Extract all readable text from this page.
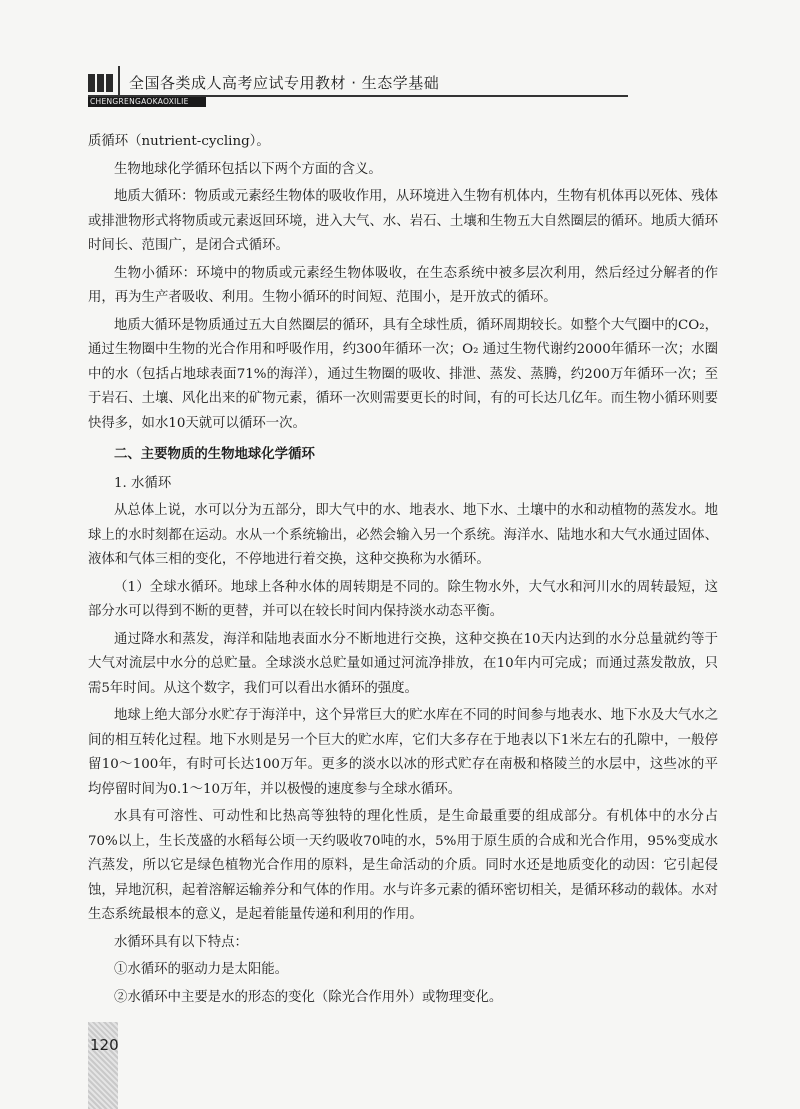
全国各类成人高考应试专用教材 · 生态学基础
CHENGRENGAOKAOXILIE

质循环（nutrient-cycling）。

生物地球化学循环包括以下两个方面的含义。

地质大循环：物质或元素经生物体的吸收作用，从环境进入生物有机体内，生物有机体再以死体、残体或排泄物形式将物质或元素返回环境，进入大气、水、岩石、土壤和生物五大自然圈层的循环。地质大循环时间长、范围广，是闭合式循环。

生物小循环：环境中的物质或元素经生物体吸收，在生态系统中被多层次利用，然后经过分解者的作用，再为生产者吸收、利用。生物小循环的时间短、范围小，是开放式的循环。

地质大循环是物质通过五大自然圈层的循环，具有全球性质，循环周期较长。如整个大气圈中的CO₂，通过生物圈中生物的光合作用和呼吸作用，约300年循环一次；O₂ 通过生物代谢约2000年循环一次；水圈中的水（包括占地球表面71%的海洋），通过生物圈的吸收、排泄、蒸发、蒸腾，约200万年循环一次；至于岩石、土壤、风化出来的矿物元素，循环一次则需要更长的时间，有的可长达几亿年。而生物小循环则要快得多，如水10天就可以循环一次。

二、主要物质的生物地球化学循环

1. 水循环

从总体上说，水可以分为五部分，即大气中的水、地表水、地下水、土壤中的水和动植物的蒸发水。地球上的水时刻都在运动。水从一个系统输出，必然会输入另一个系统。海洋水、陆地水和大气水通过固体、液体和气体三相的变化，不停地进行着交换，这种交换称为水循环。

（1）全球水循环。地球上各种水体的周转期是不同的。除生物水外，大气水和河川水的周转最短，这部分水可以得到不断的更替，并可以在较长时间内保持淡水动态平衡。

通过降水和蒸发，海洋和陆地表面水分不断地进行交换，这种交换在10天内达到的水分总量就约等于大气对流层中水分的总贮量。全球淡水总贮量如通过河流净排放，在10年内可完成；而通过蒸发散放，只需5年时间。从这个数字，我们可以看出水循环的强度。

地球上绝大部分水贮存于海洋中，这个异常巨大的贮水库在不同的时间参与地表水、地下水及大气水之间的相互转化过程。地下水则是另一个巨大的贮水库，它们大多存在于地表以下1米左右的孔隙中，一般停留10～100年，有时可长达100万年。更多的淡水以冰的形式贮存在南极和格陵兰的水层中，这些冰的平均停留时间为0.1～10万年，并以极慢的速度参与全球水循环。

水具有可溶性、可动性和比热高等独特的理化性质，是生命最重要的组成部分。有机体中的水分占70%以上，生长茂盛的水稻每公顷一天约吸收70吨的水，5%用于原生质的合成和光合作用，95%变成水汽蒸发，所以它是绿色植物光合作用的原料，是生命活动的介质。同时水还是地质变化的动因：它引起侵蚀，异地沉积，起着溶解运输养分和气体的作用。水与许多元素的循环密切相关，是循环移动的载体。水对生态系统最根本的意义，是起着能量传递和利用的作用。

水循环具有以下特点：

①水循环的驱动力是太阳能。

②水循环中主要是水的形态的变化（除光合作用外）或物理变化。

120
